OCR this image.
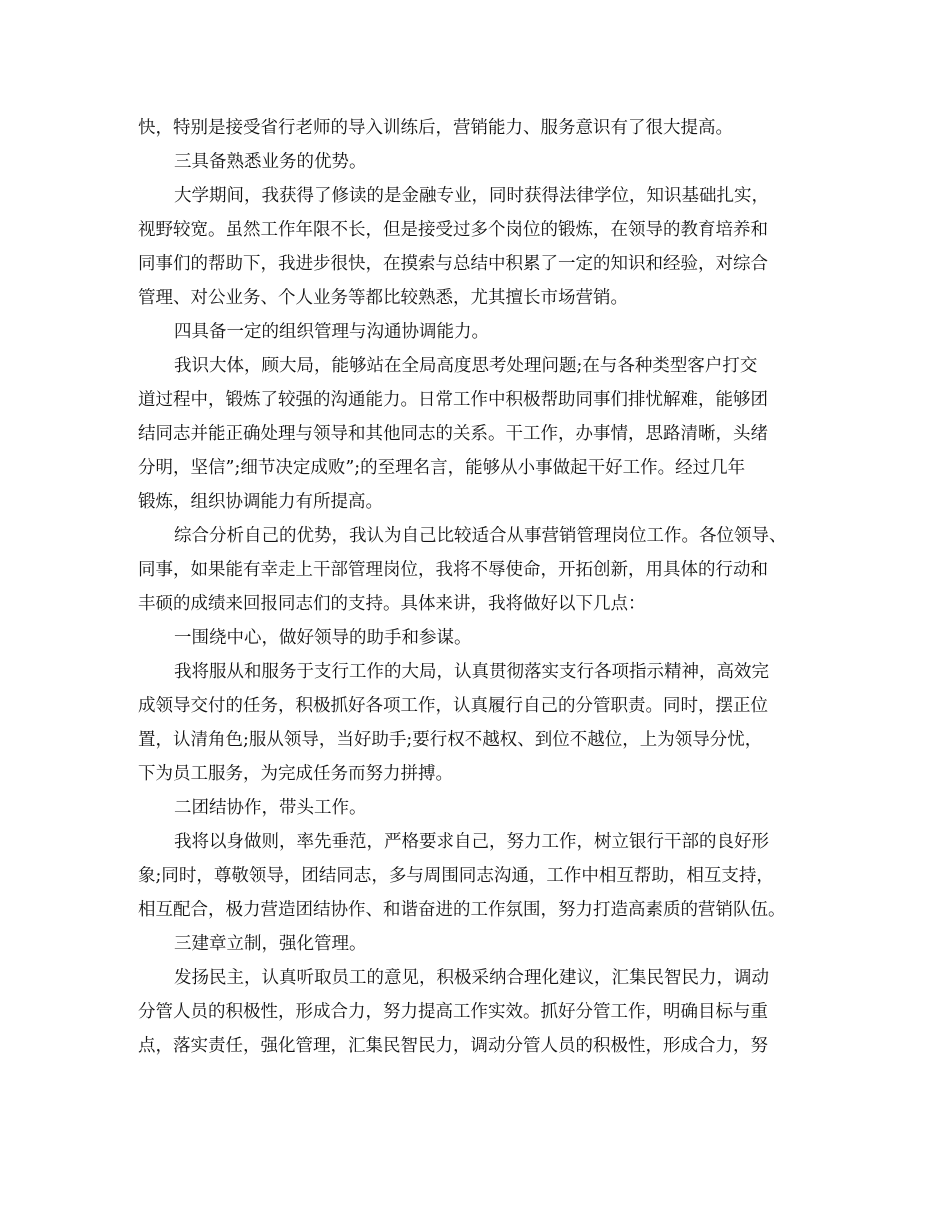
快，特别是接受省行老师的导入训练后，营销能力、服务意识有了很大提高。
三具备熟悉业务的优势。
大学期间，我获得了修读的是金融专业，同时获得法律学位，知识基础扎实，
视野较宽。虽然工作年限不长，但是接受过多个岗位的锻炼，在领导的教育培养和
同事们的帮助下，我进步很快，在摸索与总结中积累了一定的知识和经验，对综合
管理、对公业务、个人业务等都比较熟悉，尤其擅长市场营销。
四具备一定的组织管理与沟通协调能力。
我识大体，顾大局，能够站在全局高度思考处理问题;在与各种类型客户打交
道过程中，锻炼了较强的沟通能力。日常工作中积极帮助同事们排忧解难，能够团
结同志并能正确处理与领导和其他同志的关系。干工作，办事情，思路清晰，头绪
分明，坚信”;细节决定成败”;的至理名言，能够从小事做起干好工作。经过几年
锻炼，组织协调能力有所提高。
综合分析自己的优势，我认为自己比较适合从事营销管理岗位工作。各位领导、
同事，如果能有幸走上干部管理岗位，我将不辱使命，开拓创新，用具体的行动和
丰硕的成绩来回报同志们的支持。具体来讲，我将做好以下几点：
一围绕中心，做好领导的助手和参谋。
我将服从和服务于支行工作的大局，认真贯彻落实支行各项指示精神，高效完
成领导交付的任务，积极抓好各项工作，认真履行自己的分管职责。同时，摆正位
置，认清角色;服从领导，当好助手;要行权不越权、到位不越位，上为领导分忧，
下为员工服务，为完成任务而努力拼搏。
二团结协作，带头工作。
我将以身做则，率先垂范，严格要求自己，努力工作，树立银行干部的良好形
象;同时，尊敬领导，团结同志，多与周围同志沟通，工作中相互帮助，相互支持，
相互配合，极力营造团结协作、和谐奋进的工作氛围，努力打造高素质的营销队伍。
三建章立制，强化管理。
发扬民主，认真听取员工的意见，积极采纳合理化建议，汇集民智民力，调动
分管人员的积极性，形成合力，努力提高工作实效。抓好分管工作，明确目标与重
点，落实责任，强化管理，汇集民智民力，调动分管人员的积极性，形成合力，努
